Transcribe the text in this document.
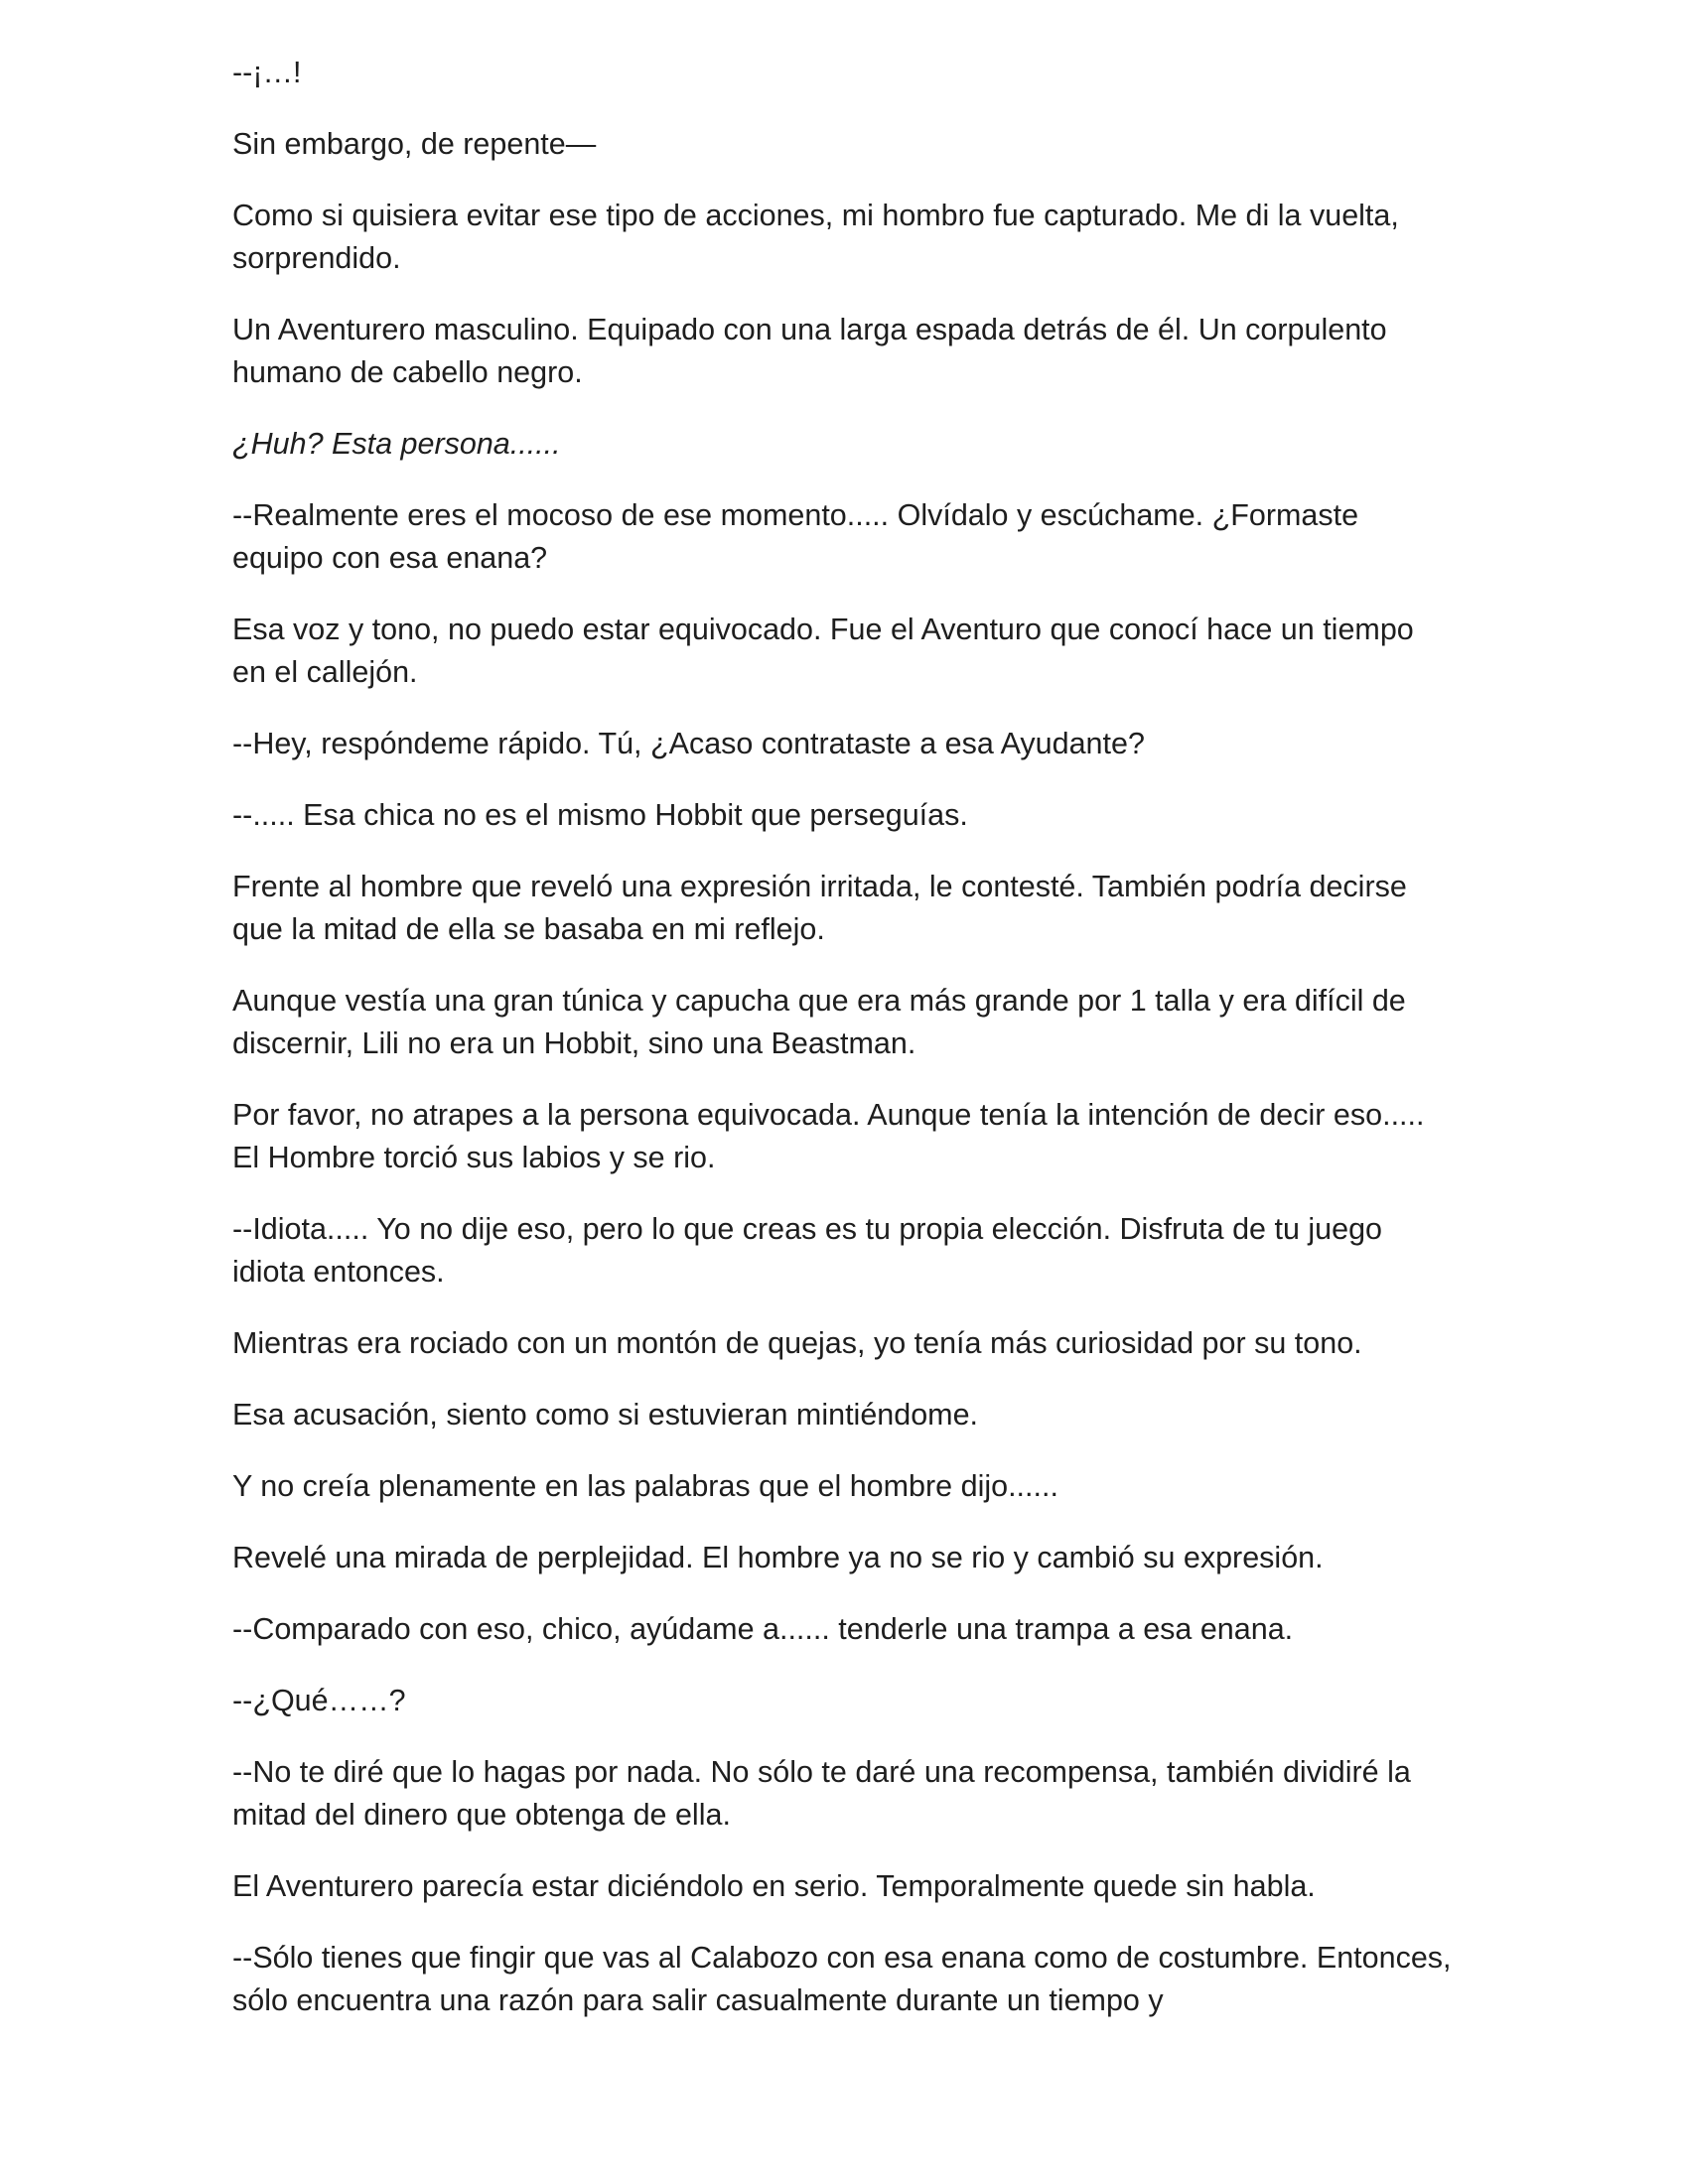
--¡…!

Sin embargo, de repente—

Como si quisiera evitar ese tipo de acciones, mi hombro fue capturado. Me di la vuelta, sorprendido.

Un Aventurero masculino. Equipado con una larga espada detrás de él. Un corpulento humano de cabello negro.

¿Huh? Esta persona......

--Realmente eres el mocoso de ese momento..... Olvídalo y escúchame. ¿Formaste equipo con esa enana?

Esa voz y tono, no puedo estar equivocado. Fue el Aventuro que conocí hace un tiempo en el callejón.

--Hey, respóndeme rápido. Tú, ¿Acaso contrataste a esa Ayudante?

--..... Esa chica no es el mismo Hobbit que perseguías.

Frente al hombre que reveló una expresión irritada, le contesté. También podría decirse que la mitad de ella se basaba en mi reflejo.

Aunque vestía una gran túnica y capucha que era más grande por 1 talla y era difícil de discernir, Lili no era un Hobbit, sino una Beastman.

Por favor, no atrapes a la persona equivocada. Aunque tenía la intención de decir eso..... El Hombre torció sus labios y se rio.

--Idiota..... Yo no dije eso, pero lo que creas es tu propia elección. Disfruta de tu juego idiota entonces.

Mientras era rociado con un montón de quejas, yo tenía más curiosidad por su tono.

Esa acusación, siento como si estuvieran mintiéndome.

Y no creía plenamente en las palabras que el hombre dijo......

Revelé una mirada de perplejidad. El hombre ya no se rio y cambió su expresión.

--Comparado con eso, chico, ayúdame a...... tenderle una trampa a esa enana.

--¿Qué……?

--No te diré que lo hagas por nada. No sólo te daré una recompensa, también dividiré la mitad del dinero que obtenga de ella.

El Aventurero parecía estar diciéndolo en serio. Temporalmente quede sin habla.

--Sólo tienes que fingir que vas al Calabozo con esa enana como de costumbre. Entonces, sólo encuentra una razón para salir casualmente durante un tiempo y
